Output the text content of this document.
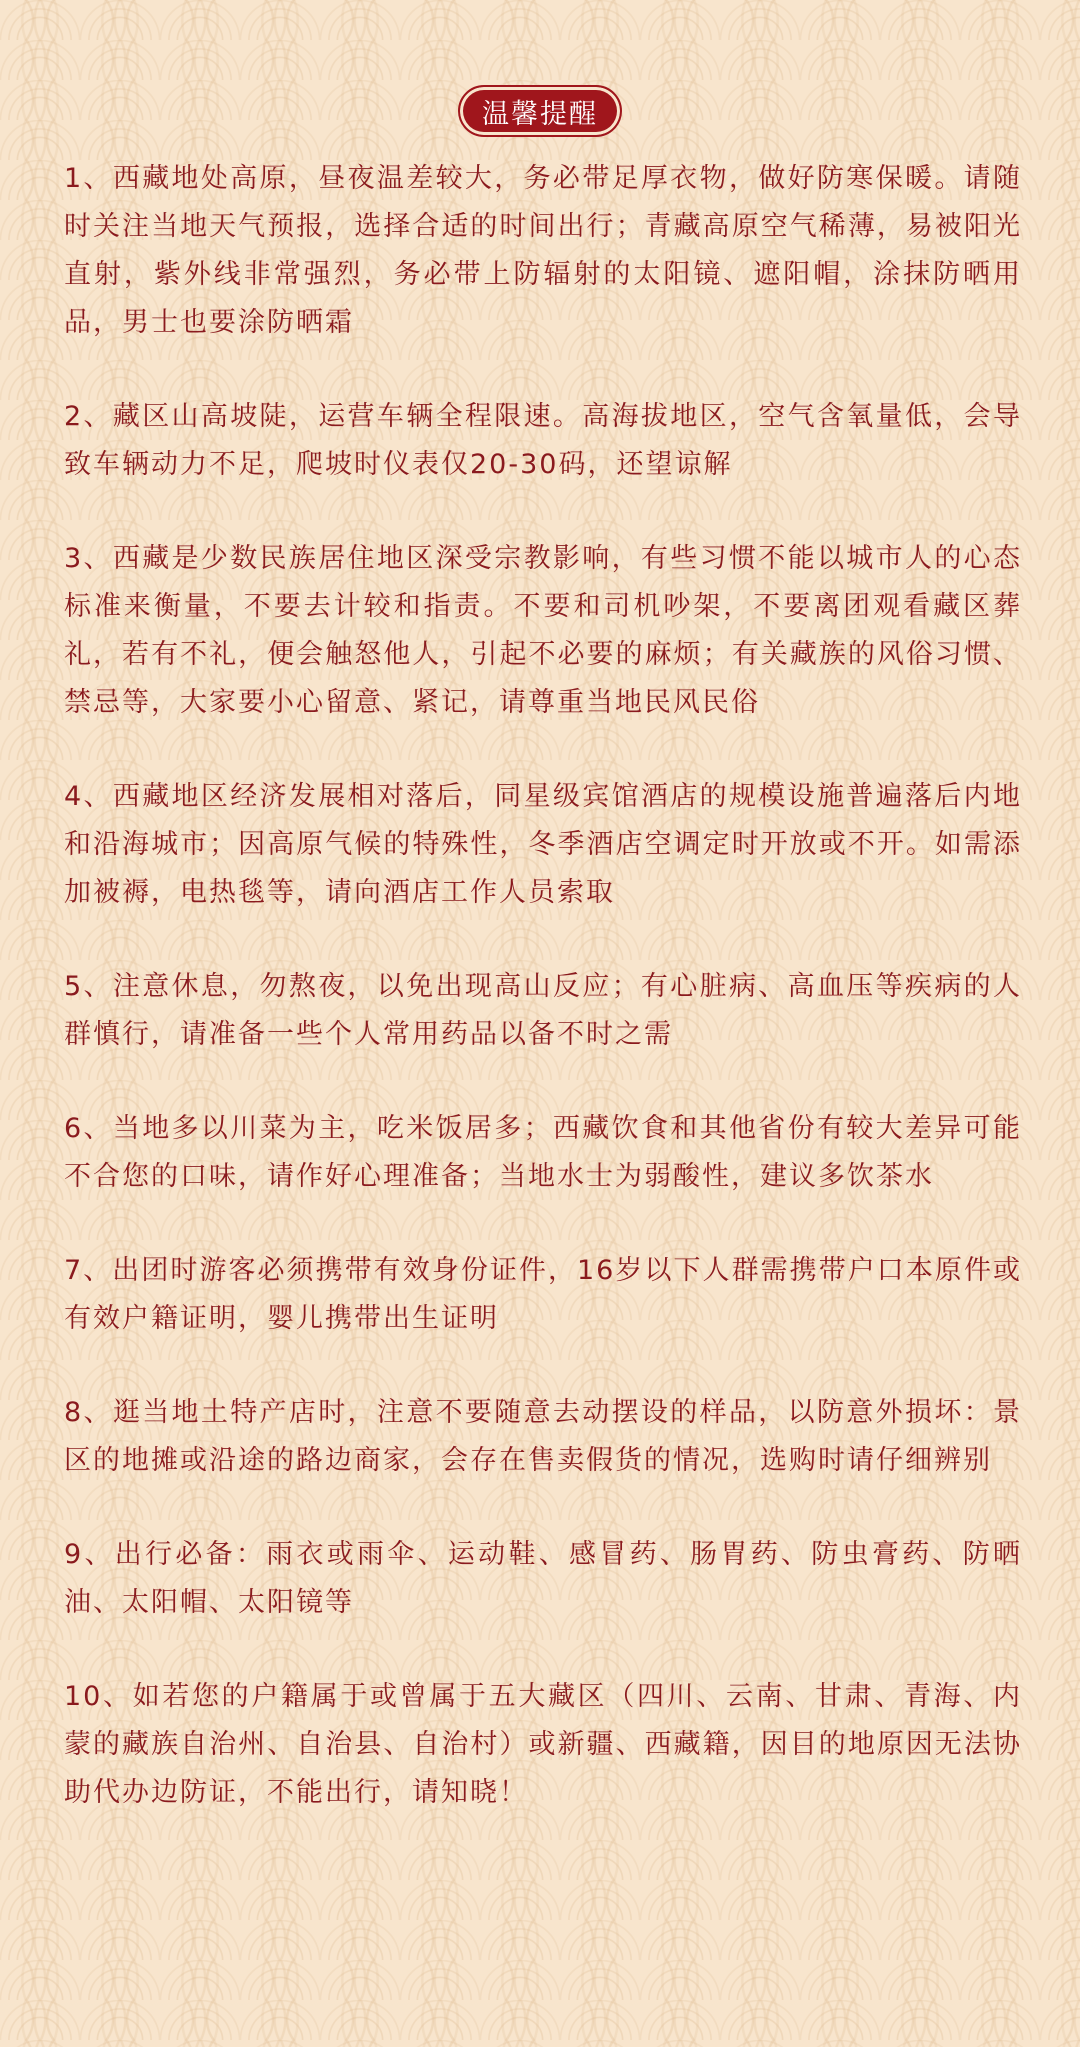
温馨提醒

1、西藏地处高原，昼夜温差较大，务必带足厚衣物，做好防寒保暖。请随时关注当地天气预报，选择合适的时间出行；青藏高原空气稀薄，易被阳光直射，紫外线非常强烈，务必带上防辐射的太阳镜、遮阳帽，涂抹防晒用品，男士也要涂防晒霜

2、藏区山高坡陡，运营车辆全程限速。高海拔地区，空气含氧量低，会导致车辆动力不足，爬坡时仪表仅20-30码，还望谅解

3、西藏是少数民族居住地区深受宗教影响，有些习惯不能以城市人的心态标准来衡量，不要去计较和指责。不要和司机吵架，不要离团观看藏区葬礼，若有不礼，便会触怒他人，引起不必要的麻烦；有关藏族的风俗习惯、禁忌等，大家要小心留意、紧记，请尊重当地民风民俗

4、西藏地区经济发展相对落后，同星级宾馆酒店的规模设施普遍落后内地和沿海城市；因高原气候的特殊性，冬季酒店空调定时开放或不开。如需添加被褥，电热毯等，请向酒店工作人员索取

5、注意休息，勿熬夜，以免出现高山反应；有心脏病、高血压等疾病的人群慎行，请准备一些个人常用药品以备不时之需

6、当地多以川菜为主，吃米饭居多；西藏饮食和其他省份有较大差异可能不合您的口味，请作好心理准备；当地水士为弱酸性，建议多饮茶水

7、出团时游客必须携带有效身份证件，16岁以下人群需携带户口本原件或有效户籍证明，婴儿携带出生证明

8、逛当地土特产店时，注意不要随意去动摆设的样品，以防意外损坏：景区的地摊或沿途的路边商家，会存在售卖假货的情况，选购时请仔细辨别

9、出行必备：雨衣或雨伞、运动鞋、感冒药、肠胃药、防虫膏药、防晒油、太阳帽、太阳镜等

10、如若您的户籍属于或曾属于五大藏区（四川、云南、甘肃、青海、内蒙的藏族自治州、自治县、自治村）或新疆、西藏籍，因目的地原因无法协助代办边防证，不能出行，请知晓！
